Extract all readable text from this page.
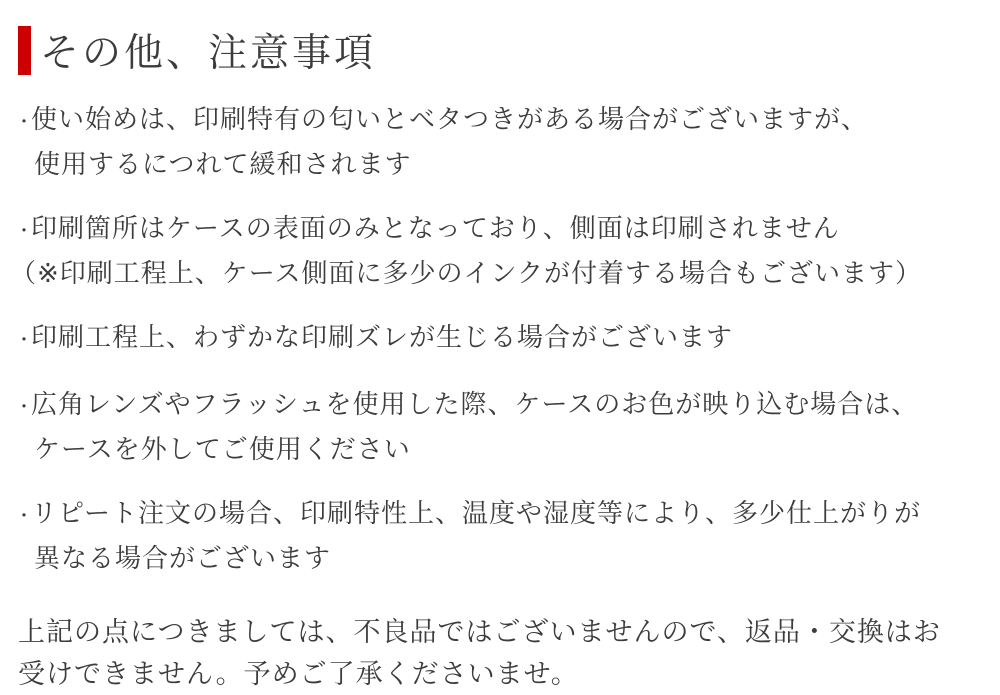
その他、注意事項
・
使い始めは、印刷特有の匂いとベタつきがある場合がございますが、
使用するにつれて緩和されます
・
印刷箇所はケースの表面のみとなっており、側面は印刷されません
（※印刷工程上、ケース側面に多少のインクが付着する場合もございます）
・
印刷工程上、わずかな印刷ズレが生じる場合がございます
・
広角レンズやフラッシュを使用した際、ケースのお色が映り込む場合は、
ケースを外してご使用ください
・
リピート注文の場合、印刷特性上、温度や湿度等により、多少仕上がりが
異なる場合がございます

上記の点につきましては、不良品ではございませんので、返品・交換はお
受けできません。予めご了承くださいませ。
